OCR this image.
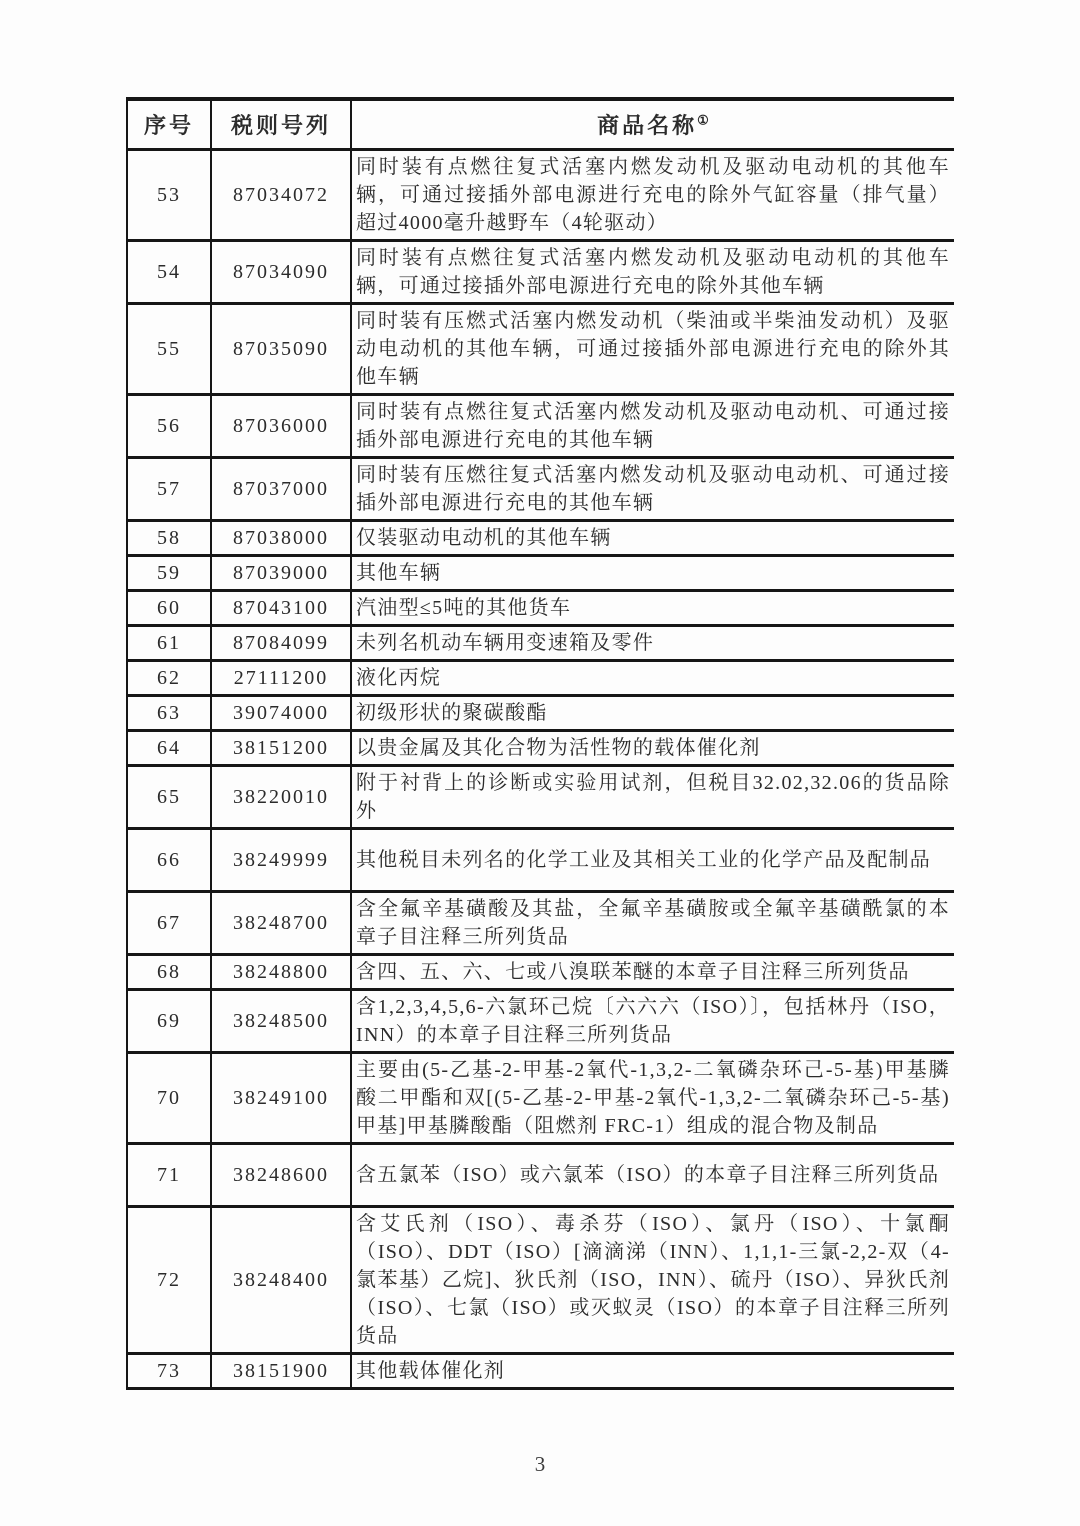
序号	税则号列	商品名称①
53	87034072	同时装有点燃往复式活塞内燃发动机及驱动电动机的其他车辆，可通过接插外部电源进行充电的除外气缸容量（排气量）超过4000毫升越野车（4轮驱动）
54	87034090	同时装有点燃往复式活塞内燃发动机及驱动电动机的其他车辆，可通过接插外部电源进行充电的除外其他车辆
55	87035090	同时装有压燃式活塞内燃发动机（柴油或半柴油发动机）及驱动电动机的其他车辆，可通过接插外部电源进行充电的除外其他车辆
56	87036000	同时装有点燃往复式活塞内燃发动机及驱动电动机、可通过接插外部电源进行充电的其他车辆
57	87037000	同时装有压燃往复式活塞内燃发动机及驱动电动机、可通过接插外部电源进行充电的其他车辆
58	87038000	仅装驱动电动机的其他车辆
59	87039000	其他车辆
60	87043100	汽油型≤5吨的其他货车
61	87084099	未列名机动车辆用变速箱及零件
62	27111200	液化丙烷
63	39074000	初级形状的聚碳酸酯
64	38151200	以贵金属及其化合物为活性物的载体催化剂
65	38220010	附于衬背上的诊断或实验用试剂，但税目32.02,32.06的货品除外
66	38249999	其他税目未列名的化学工业及其相关工业的化学产品及配制品
67	38248700	含全氟辛基磺酸及其盐，全氟辛基磺胺或全氟辛基磺酰氯的本章子目注释三所列货品
68	38248800	含四、五、六、七或八溴联苯醚的本章子目注释三所列货品
69	38248500	含1,2,3,4,5,6-六氯环己烷〔六六六（ISO）〕，包括林丹（ISO，INN）的本章子目注释三所列货品
70	38249100	主要由(5-乙基-2-甲基-2氧代-1,3,2-二氧磷杂环己-5-基)甲基膦酸二甲酯和双[(5-乙基-2-甲基-2氧代-1,3,2-二氧磷杂环己-5-基)甲基]甲基膦酸酯（阻燃剂 FRC-1）组成的混合物及制品
71	38248600	含五氯苯（ISO）或六氯苯（ISO）的本章子目注释三所列货品
72	38248400	含艾氏剂（ISO）、毒杀芬（ISO）、氯丹（ISO）、十氯酮（ISO）、DDT（ISO）[滴滴涕（INN）、1,1,1-三氯-2,2-双（4-氯苯基）乙烷]、狄氏剂（ISO，INN）、硫丹（ISO）、异狄氏剂（ISO）、七氯（ISO）或灭蚁灵（ISO）的本章子目注释三所列货品
73	38151900	其他载体催化剂
3
